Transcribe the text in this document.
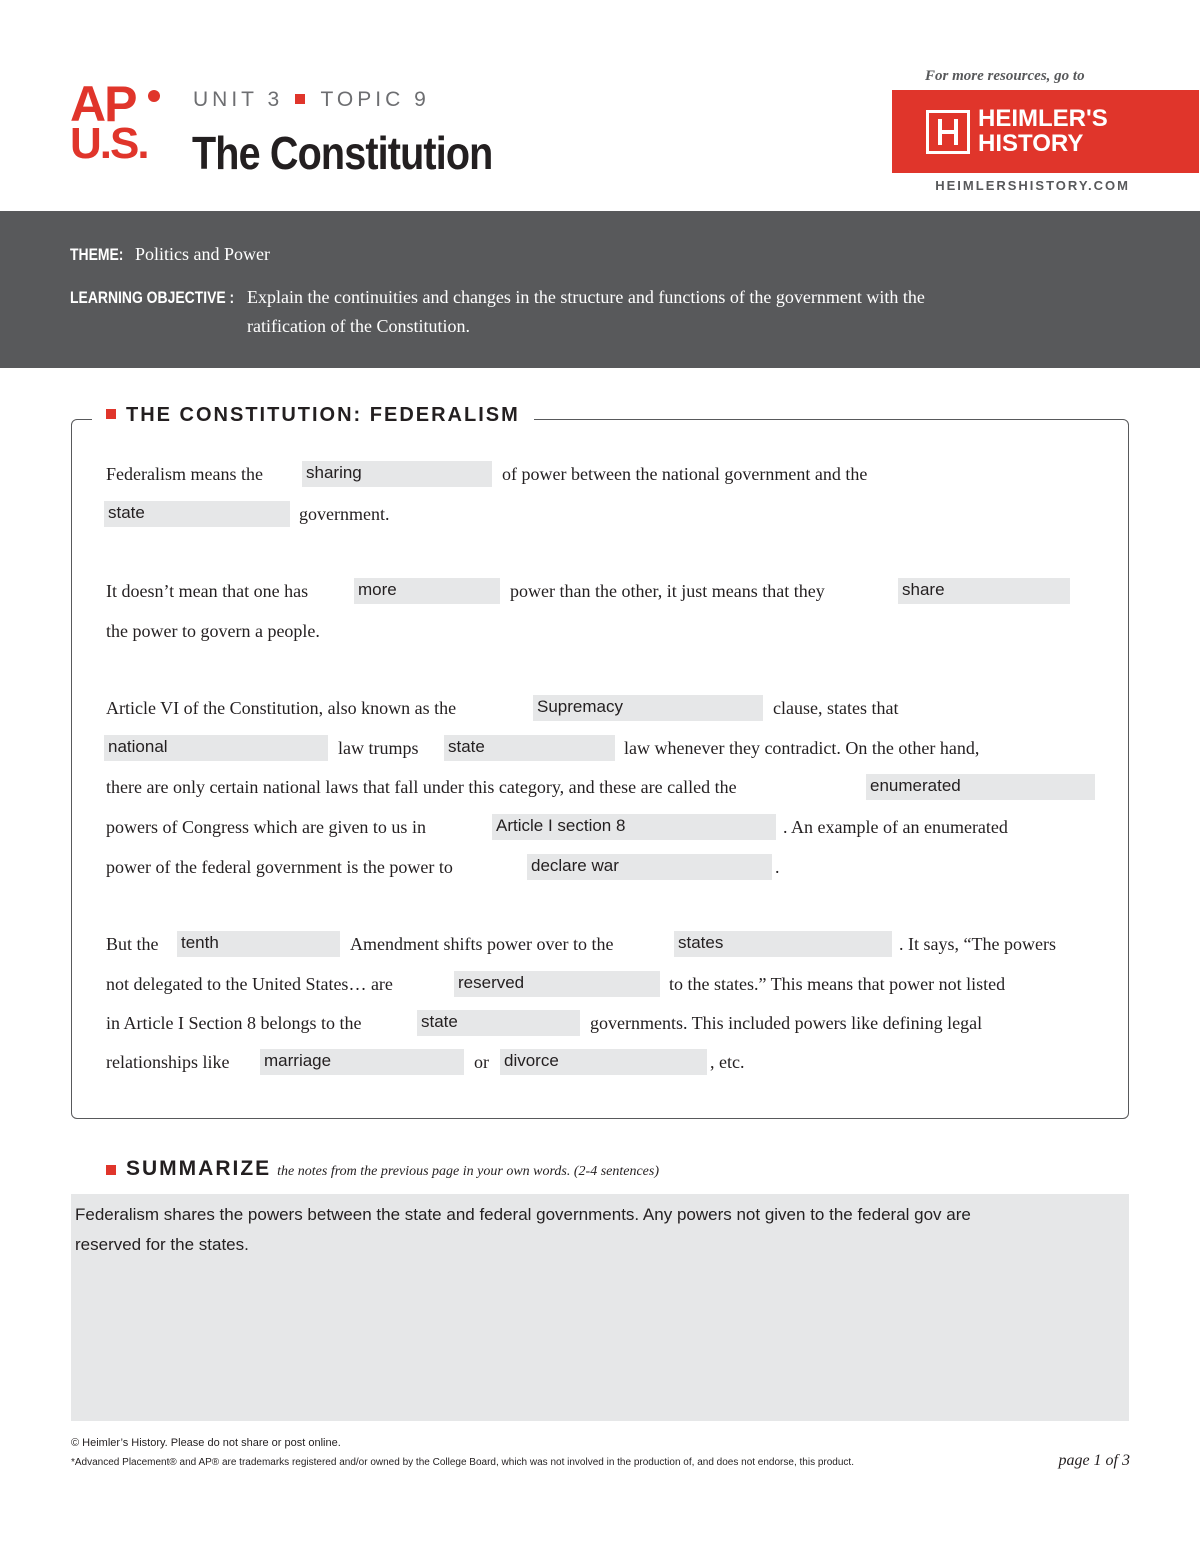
AP
U.S.
UNIT 3 TOPIC 9
The Constitution
For more resources, go to
HEIMLER'S
HISTORY
HEIMLERSHISTORY.COM
THEME: Politics and Power
LEARNING OBJECTIVE : Explain the continuities and changes in the structure and functions of the government with the
ratification of the Constitution.
THE CONSTITUTION: FEDERALISM
Federalism means the	sharing	of power between the national government and the
state	government.
It doesn’t mean that one has	more	power than the other, it just means that they	share
the power to govern a people.
Article VI of the Constitution, also known as the	Supremacy	clause, states that
national	law trumps state	law whenever they contradict. On the other hand,
there are only certain national laws that fall under this category, and these are called the	enumerated
powers of Congress which are given to us in	Article I section 8	. An example of an enumerated
power of the federal government is the power to	declare war	.
But the tenth	Amendment shifts power over to the	states	. It says, “The powers
not delegated to the United States… are	reserved	to the states.” This means that power not listed
in Article I Section 8 belongs to the	state	governments. This included powers like defining legal
relationships like marriage	or divorce	, etc.
SUMMARIZE the notes from the previous page in your own words. (2-4 sentences)
Federalism shares the powers between the state and federal governments. Any powers not given to the federal gov are
reserved for the states.
© Heimler’s History. Please do not share or post online.
*Advanced Placement® and AP® are trademarks registered and/or owned by the College Board, which was not involved in the production of, and does not endorse, this product.	page 1 of 3
